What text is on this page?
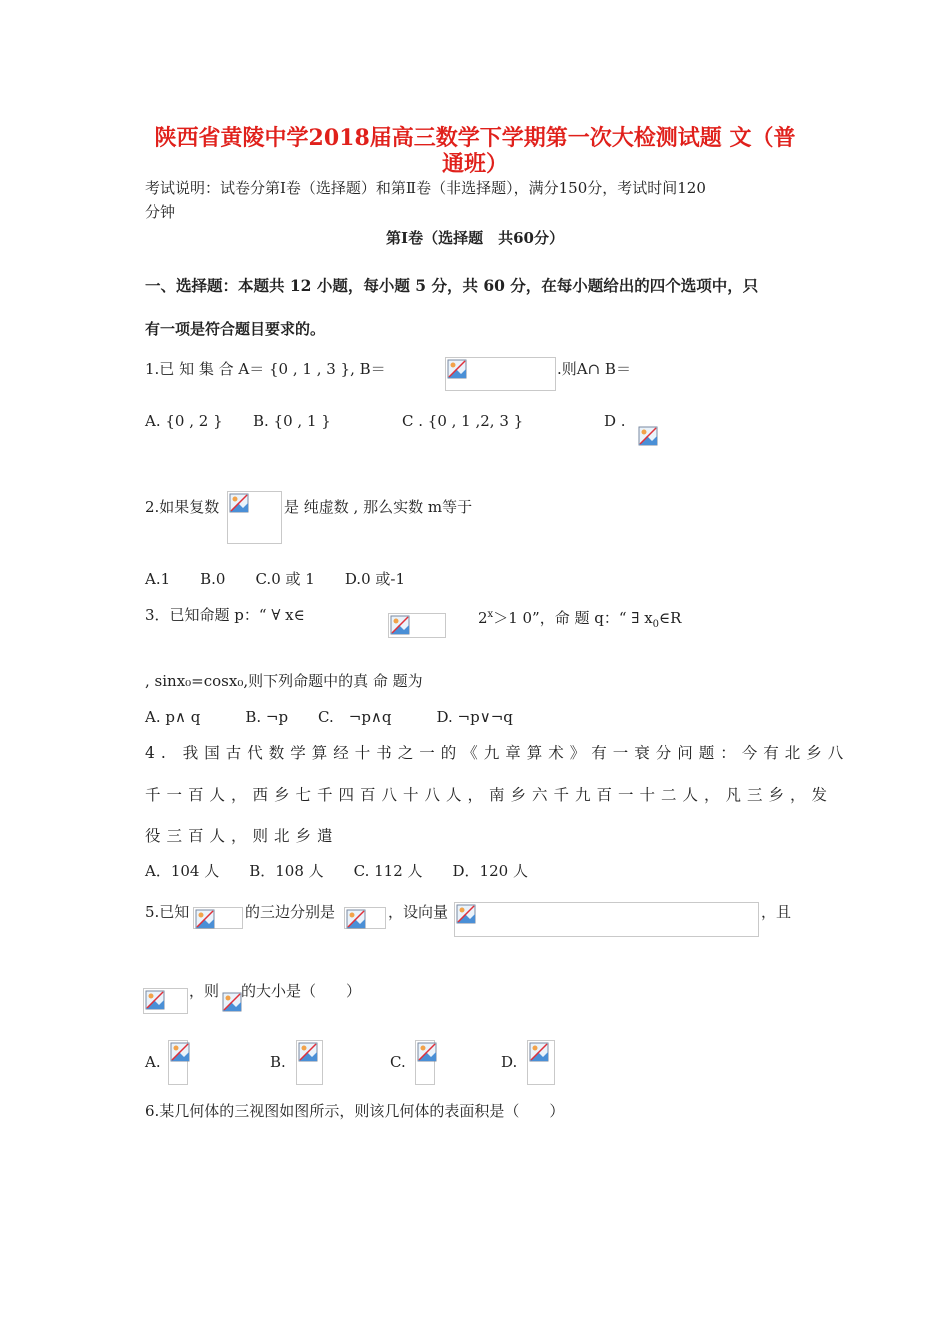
陕西省黄陵中学2018届高三数学下学期第一次大检测试题 文（普
通班）
考试说明：试卷分第Ⅰ卷（选择题）和第Ⅱ卷（非选择题），满分150分，考试时间120
分钟
第Ⅰ卷（选择题　共60分）
一、选择题：本题共 12 小题，每小题 5 分，共 60 分，在每小题给出的四个选项中，只
有一项是符合题目要求的。
1.已 知 集 合 A＝ {0 , 1 , 3 }, B＝	.则A∩ B＝
A. {0 , 2 } B. {0 , 1 }	C . {0 , 1 ,2, 3 }	D .
2.如果复数	是 纯虚数 , 那么实数 m等于
A.1　　B.0　　C.0 或 1　　D.0 或-1
3．已知命题 p：“ ∀ x∈	$2^x>1$ 0”，命 题 q：“ ∃ $x_0\in R$
, sinx₀=cosx₀,则下列命题中的真 命 题为
A. p∧ q　　　B. ¬p　　C.　¬p∧q　　　D. ¬p∨¬q
4. 我国古代数学算经十书之一的《九章算术》有一衰分问题：今有北乡八
千一百人，西乡七千四百八十八人，南乡六千九百一十二人，凡三乡，发
役三百人，则北乡遣
A．104 人　　B．108 人　　C. 112 人　　D．120 人
5.已知	的三边分别是	，设向量	，且
，则 的大小是（　　）
A.	B.	C.	D.
6.某几何体的三视图如图所示，则该几何体的表面积是（　　）
